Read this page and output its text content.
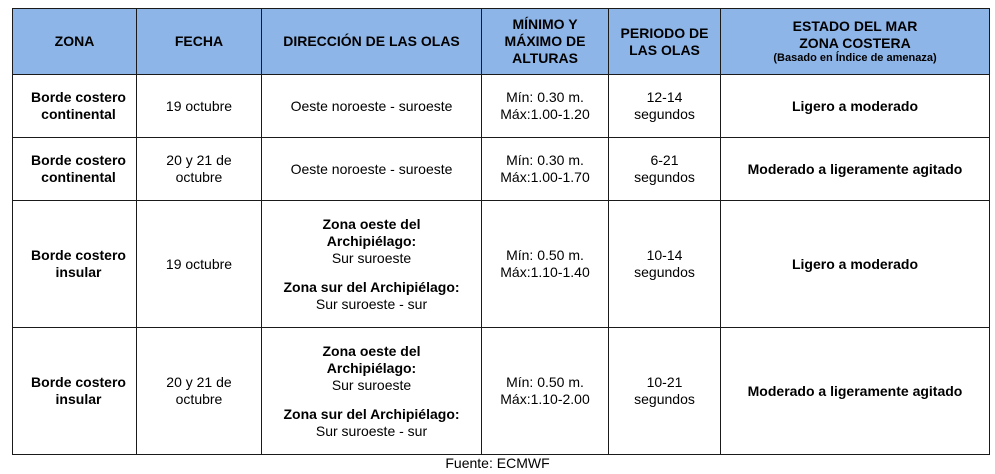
ZONA	FECHA	DIRECCIÓN DE LAS OLAS	MÍNIMO Y
MÁXIMO DE
ALTURAS	PERIODO DE
LAS OLAS	ESTADO DEL MAR
ZONA COSTERA
(Basado en Índice de amenaza)

Borde costero
continental	19 octubre	Oeste noroeste - suroeste	Mín: 0.30 m.
Máx:1.00-1.20	12-14
segundos	Ligero a moderado

Borde costero
continental	20 y 21 de
octubre	Oeste noroeste - suroeste	Mín: 0.30 m.
Máx:1.00-1.70	6-21
segundos	Moderado a ligeramente agitado

Borde costero
insular	19 octubre	Zona oeste del
Archipiélago:
Sur suroeste
Zona sur del Archipiélago:
Sur suroeste - sur	Mín: 0.50 m.
Máx:1.10-1.40	10-14
segundos	Ligero a moderado

Borde costero
insular	20 y 21 de
octubre	Zona oeste del
Archipiélago:
Sur suroeste
Zona sur del Archipiélago:
Sur suroeste - sur	Mín: 0.50 m.
Máx:1.10-2.00	10-21
segundos	Moderado a ligeramente agitado
Fuente: ECMWF
